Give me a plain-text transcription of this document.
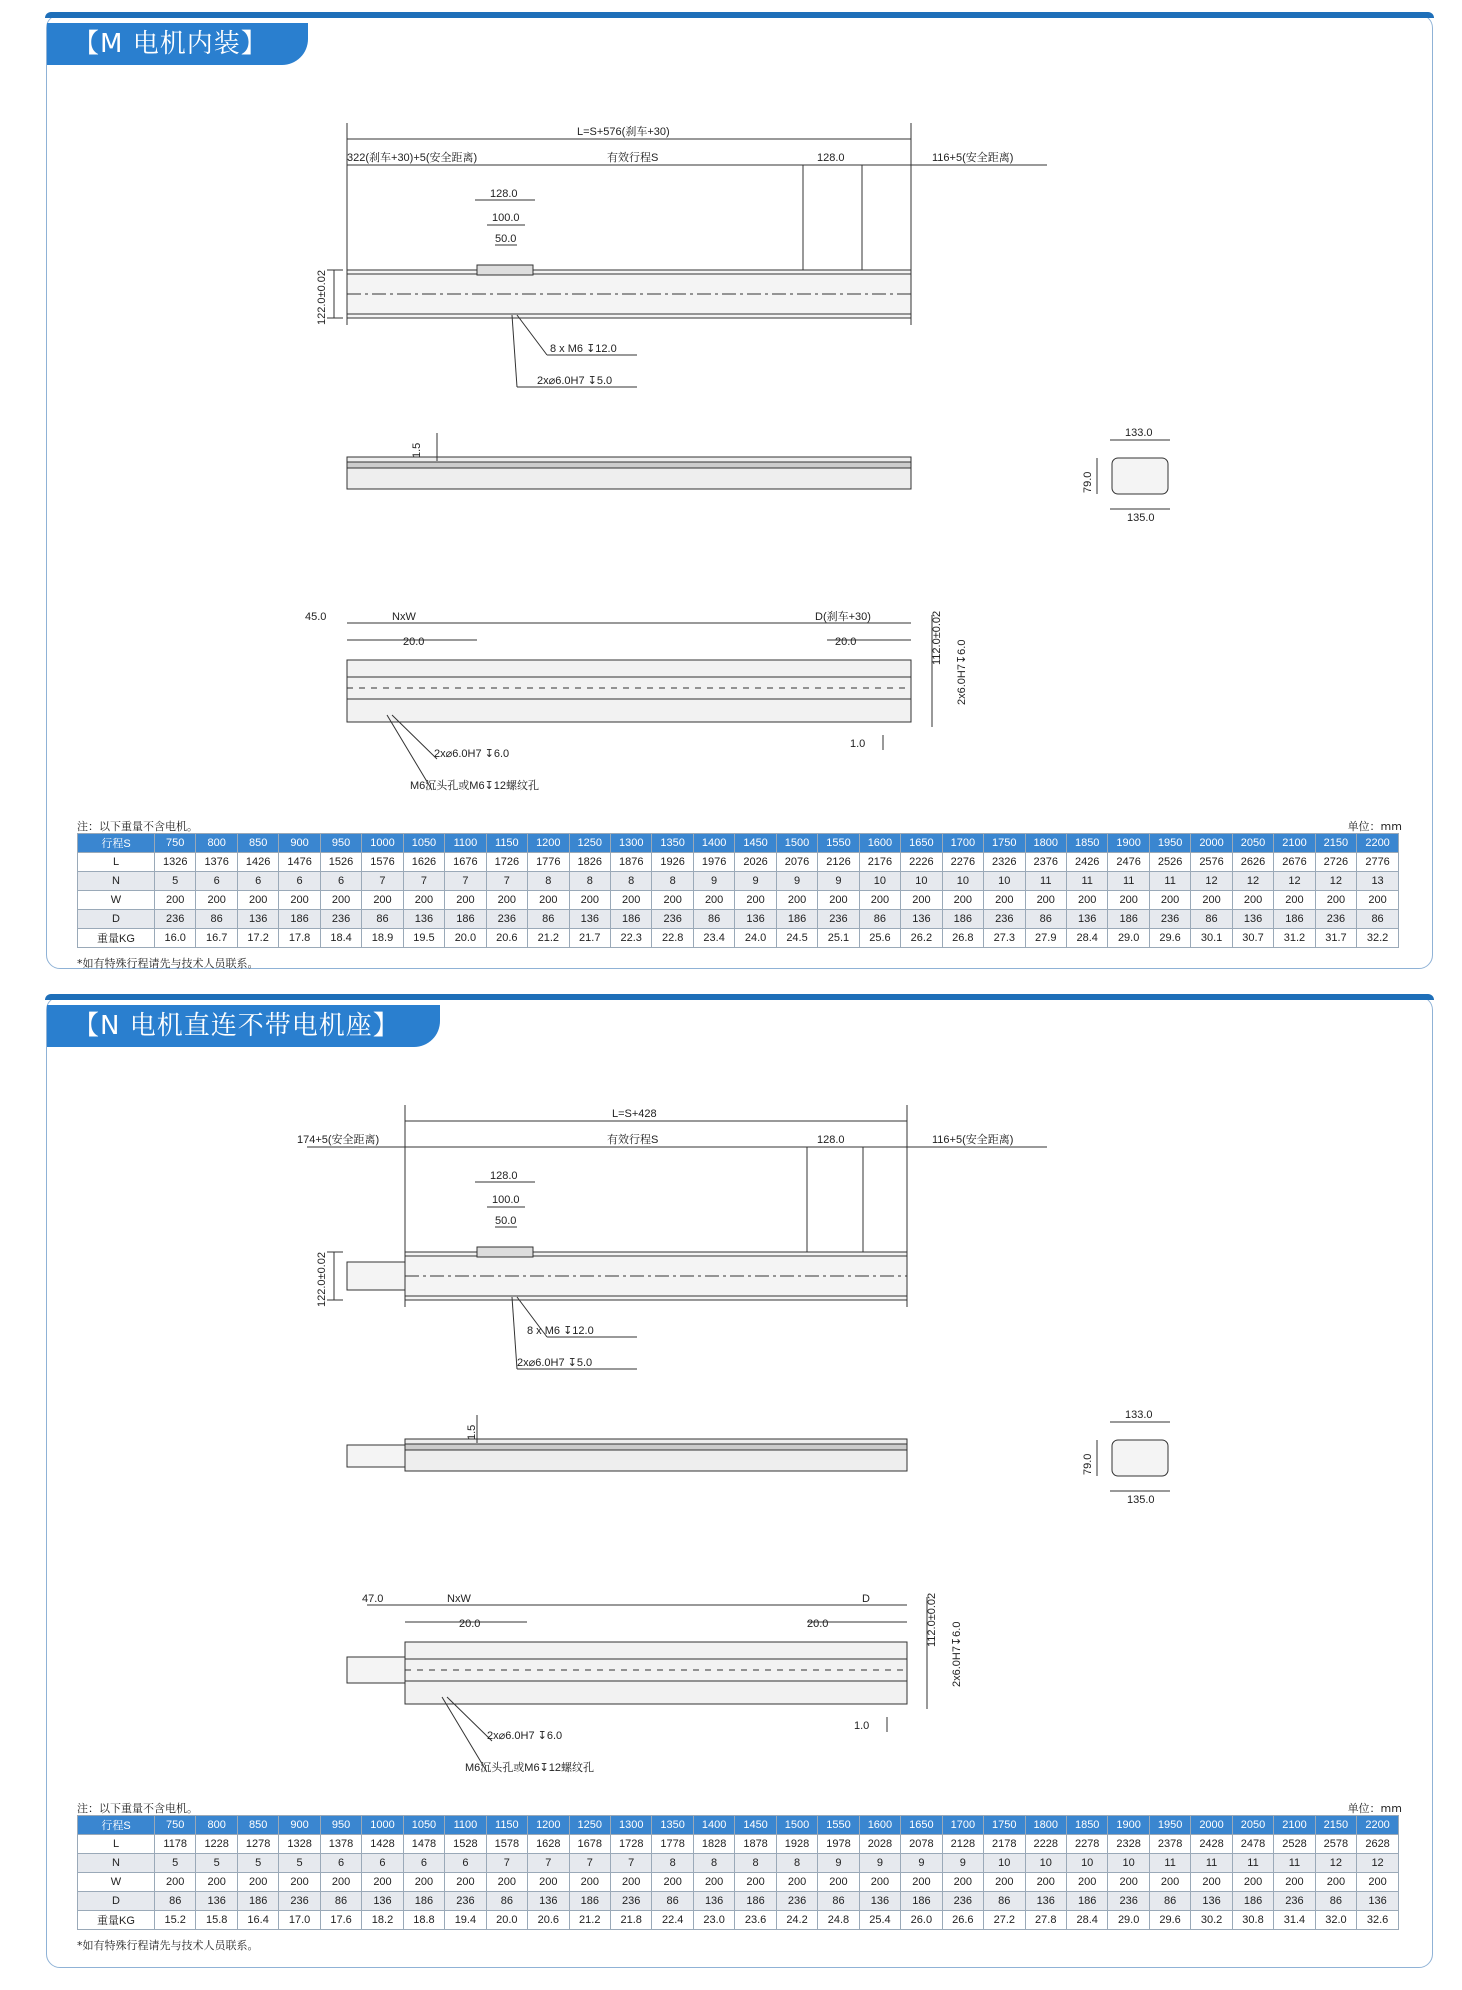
【M 电机内装】
L=S+576(刹车+30)
322(刹车+30)+5(安全距离)	有效行程S	128.0	116+5(安全距离)
128.0
100.0
50.0
122.0±0.02
8 x M6 ↧12.0
2x⌀6.0H7 ↧5.0
1.5
133.0
79.0
135.0
45.0	NxW
20.0
D(刹车+30)
20.0	112.0±0.02
2x6.0H7↧6.0
2x⌀6.0H7 ↧6.0
M6沉头孔或M6↧12螺纹孔
1.0
注：以下重量不含电机。	单位：mm
行程S	750	800	850	900	950	1000	1050	1100	1150	1200	1250	1300	1350	1400	1450	1500	1550	1600	1650	1700	1750	1800	1850	1900	1950	2000	2050	2100	2150	2200
L	1326	1376	1426	1476	1526	1576	1626	1676	1726	1776	1826	1876	1926	1976	2026	2076	2126	2176	2226	2276	2326	2376	2426	2476	2526	2576	2626	2676	2726	2776
N	5	6	6	6	6	7	7	7	7	8	8	8	8	9	9	9	9	10	10	10	10	11	11	11	11	12	12	12	12	13
W	200	200	200	200	200	200	200	200	200	200	200	200	200	200	200	200	200	200	200	200	200	200	200	200	200	200	200	200	200	200
D	236	86	136	186	236	86	136	186	236	86	136	186	236	86	136	186	236	86	136	186	236	86	136	186	236	86	136	186	236	86
重量KG	16.0	16.7	17.2	17.8	18.4	18.9	19.5	20.0	20.6	21.2	21.7	22.3	22.8	23.4	24.0	24.5	25.1	25.6	26.2	26.8	27.3	27.9	28.4	29.0	29.6	30.1	30.7	31.2	31.7	32.2
*如有特殊行程请先与技术人员联系。
【N 电机直连不带电机座】
L=S+428
174+5(安全距离)	有效行程S	128.0	116+5(安全距离)
128.0
100.0
50.0
122.0±0.02
8 x M6 ↧12.0
2x⌀6.0H7 ↧5.0
1.5
133.0
79.0
135.0
47.0	NxW
20.0
D
20.0	112.0±0.02
2x6.0H7↧6.0
2x⌀6.0H7 ↧6.0
M6沉头孔或M6↧12螺纹孔
1.0
注：以下重量不含电机。	单位：mm
行程S	750	800	850	900	950	1000	1050	1100	1150	1200	1250	1300	1350	1400	1450	1500	1550	1600	1650	1700	1750	1800	1850	1900	1950	2000	2050	2100	2150	2200
L	1178	1228	1278	1328	1378	1428	1478	1528	1578	1628	1678	1728	1778	1828	1878	1928	1978	2028	2078	2128	2178	2228	2278	2328	2378	2428	2478	2528	2578	2628
N	5	5	5	5	6	6	6	6	7	7	7	7	8	8	8	8	9	9	9	9	10	10	10	10	11	11	11	11	12	12
W	200	200	200	200	200	200	200	200	200	200	200	200	200	200	200	200	200	200	200	200	200	200	200	200	200	200	200	200	200	200
D	86	136	186	236	86	136	186	236	86	136	186	236	86	136	186	236	86	136	186	236	86	136	186	236	86	136	186	236	86	136
重量KG	15.2	15.8	16.4	17.0	17.6	18.2	18.8	19.4	20.0	20.6	21.2	21.8	22.4	23.0	23.6	24.2	24.8	25.4	26.0	26.6	27.2	27.8	28.4	29.0	29.6	30.2	30.8	31.4	32.0	32.6
*如有特殊行程请先与技术人员联系。
